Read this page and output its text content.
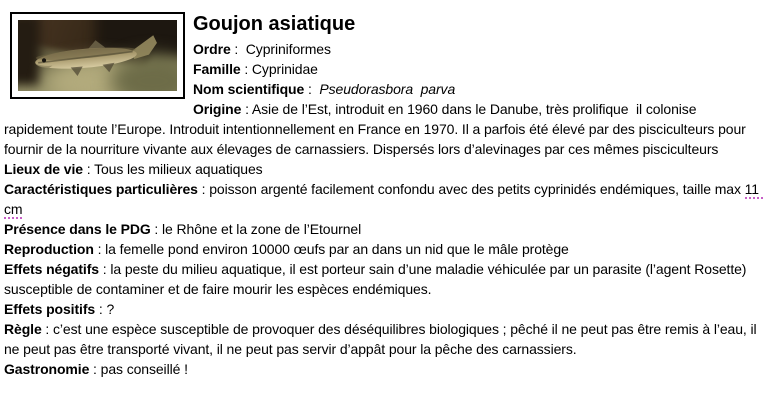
Goujon asiatique

Ordre :  Cypriniformes

Famille : Cyprinidae

Nom scientifique :  Pseudorasbora  parva

Origine : Asie de l’Est, introduit en 1960 dans le Danube, très prolifique  il colonise rapidement toute l’Europe. Introduit intentionnellement en France en 1970. Il a parfois été élevé par des pisciculteurs pour fournir de la nourriture vivante aux élevages de carnassiers. Dispersés lors d’alevinages par ces mêmes pisciculteurs

Lieux de vie : Tous les milieux aquatiques

Caractéristiques particulières : poisson argenté facilement confondu avec des petits cyprinidés endémiques, taille max 11 cm

Présence dans le PDG : le Rhône et la zone de l’Etournel

Reproduction : la femelle pond environ 10000 œufs par an dans un nid que le mâle protège

Effets négatifs : la peste du milieu aquatique, il est porteur sain d’une maladie véhiculée par un parasite (l’agent Rosette) susceptible de contaminer et de faire mourir les espèces endémiques.

Effets positifs : ?

Règle : c’est une espèce susceptible de provoquer des déséquilibres biologiques ; pêché il ne peut pas être remis à l’eau, il ne peut pas être transporté vivant, il ne peut pas servir d’appât pour la pêche des carnassiers.

Gastronomie : pas conseillé !
